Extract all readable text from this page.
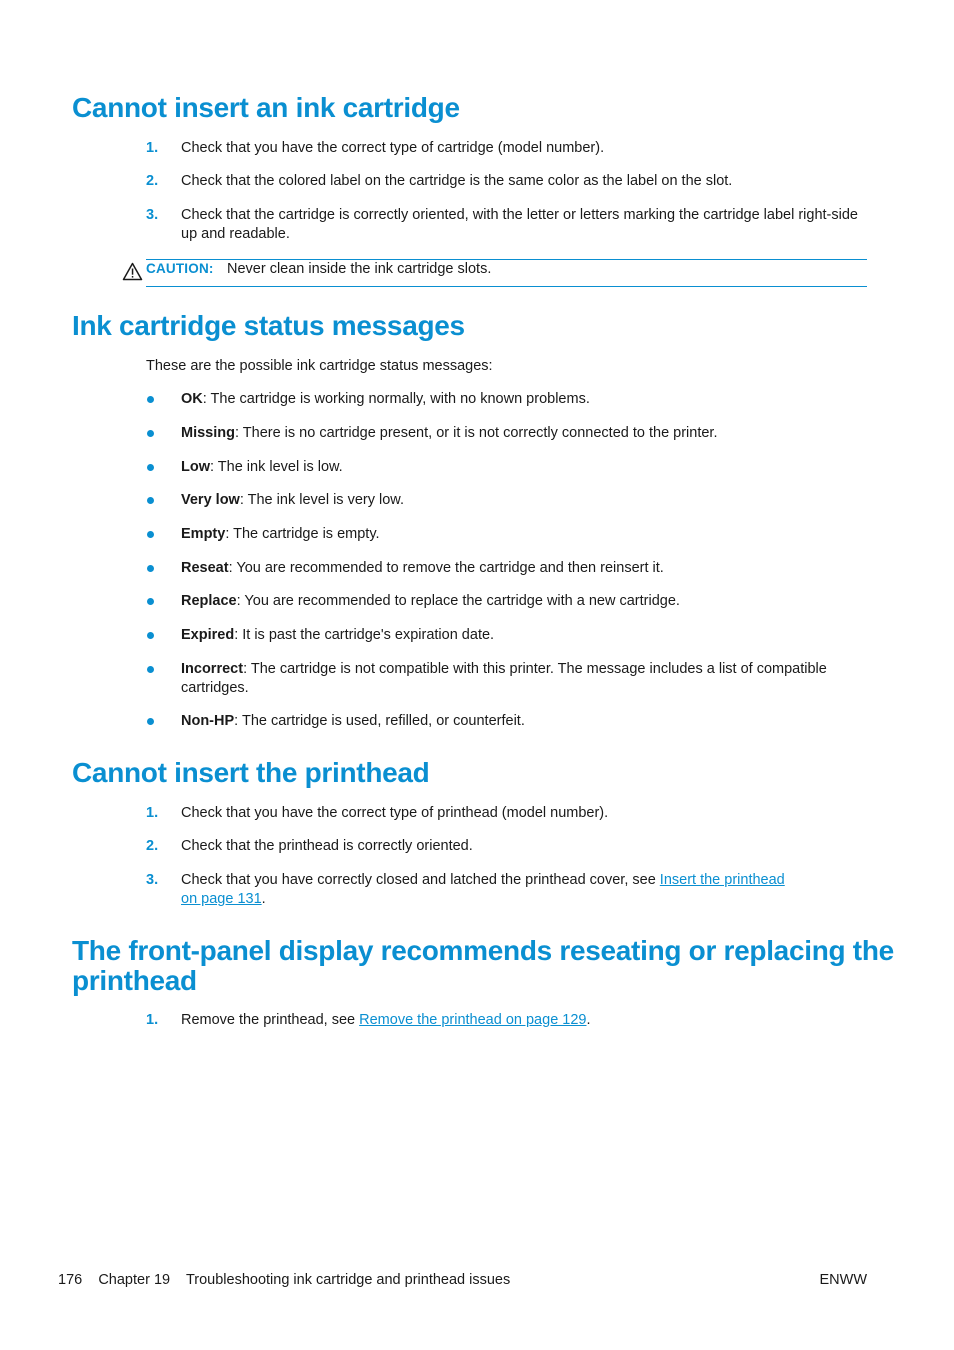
Cannot insert an ink cartridge
1.	Check that you have the correct type of cartridge (model number).
2.	Check that the colored label on the cartridge is the same color as the label on the slot.
3.	Check that the cartridge is correctly oriented, with the letter or letters marking the cartridge label right-side up and readable.
CAUTION: Never clean inside the ink cartridge slots.
Ink cartridge status messages
These are the possible ink cartridge status messages:
OK: The cartridge is working normally, with no known problems.
Missing: There is no cartridge present, or it is not correctly connected to the printer.
Low: The ink level is low.
Very low: The ink level is very low.
Empty: The cartridge is empty.
Reseat: You are recommended to remove the cartridge and then reinsert it.
Replace: You are recommended to replace the cartridge with a new cartridge.
Expired: It is past the cartridge's expiration date.
Incorrect: The cartridge is not compatible with this printer. The message includes a list of compatible cartridges.
Non-HP: The cartridge is used, refilled, or counterfeit.
Cannot insert the printhead
1.	Check that you have the correct type of printhead (model number).
2.	Check that the printhead is correctly oriented.
3.	Check that you have correctly closed and latched the printhead cover, see Insert the printhead
on page 131.
The front-panel display recommends reseating or replacing the
printhead
1.	Remove the printhead, see Remove the printhead on page 129.
176 Chapter 19 Troubleshooting ink cartridge and printhead issues	ENWW
